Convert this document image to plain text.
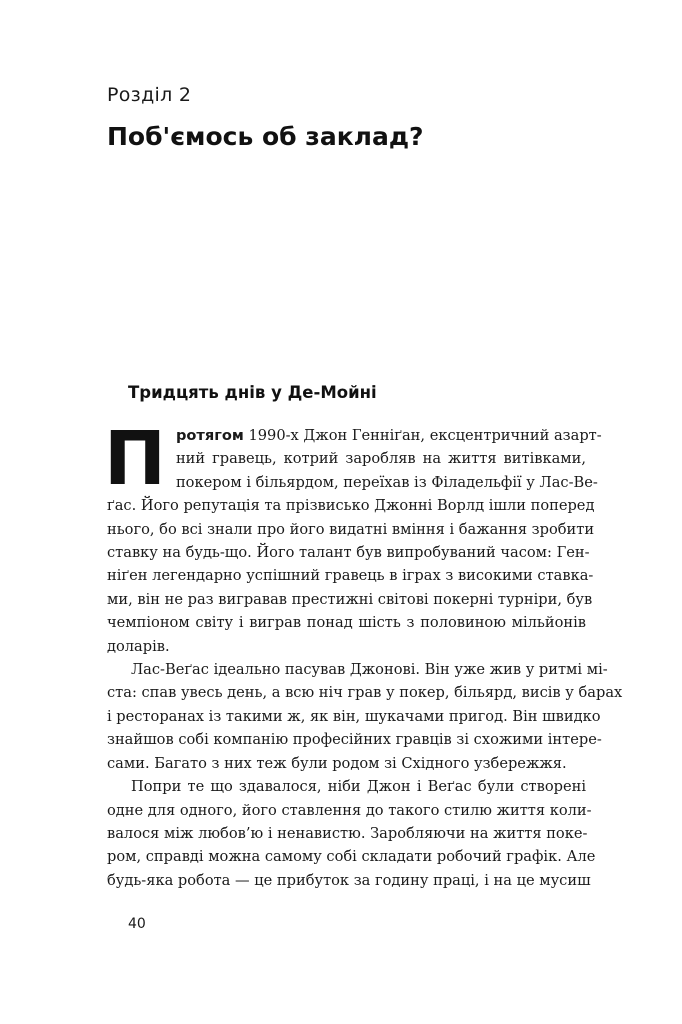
Розділ 2
Поб'ємось об заклад?
Тридцять днів у Де-Мойні

П ротягом 1990-х Джон Генніґан, ексцентричний азарт-
ний гравець, котрий заробляв на життя витівками,
покером і більярдом, переїхав із Філадельфії у Лас-Ве-
ґас. Його репутація та прізвисько Джонні Ворлд ішли поперед
нього, бо всі знали про його видатні вміння і бажання зробити
ставку на будь-що. Його талант був випробуваний часом: Ген-
ніґен легендарно успішний гравець в іграх з високими ставка-
ми, він не раз вигравав престижні світові покерні турніри, був
чемпіоном світу і виграв понад шість з половиною мільйонів
доларів.

Лас-Веґас ідеально пасував Джонові. Він уже жив у ритмі мі-
ста: спав увесь день, а всю ніч грав у покер, більярд, висів у барах
і ресторанах із такими ж, як він, шукачами пригод. Він швидко
знайшов собі компанію професійних гравців зі схожими інтере-
сами. Багато з них теж були родом зі Східного узбережжя.

Попри те що здавалося, ніби Джон і Веґас були створені
одне для одного, його ставлення до такого стилю життя коли-
валося між любов’ю і ненавистю. Заробляючи на життя поке-
ром, справді можна самому собі складати робочий графік. Але
будь-яка робота — це прибуток за годину праці, і на це мусиш

40
